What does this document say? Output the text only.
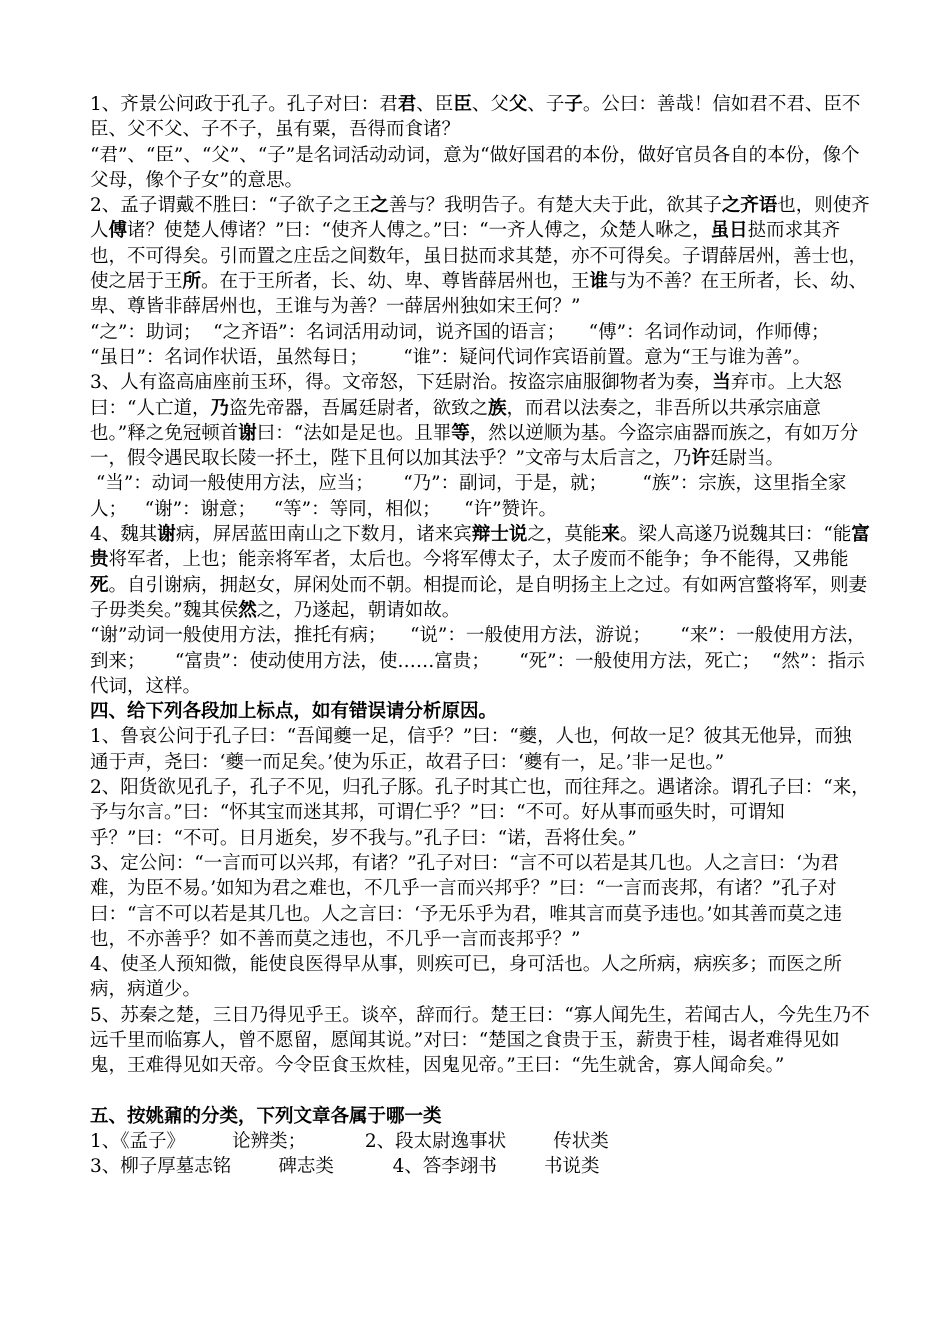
1、齐景公问政于孔子。孔子对曰：君君、臣臣、父父、子子。公曰：善哉！信如君不君、臣不臣、父不父、子不子，虽有粟，吾得而食诸？

“君”、“臣”、“父”、“子”是名词活动动词，意为“做好国君的本份，做好官员各自的本份，像个父母，像个子女”的意思。

2、孟子谓戴不胜曰：“子欲子之王之善与？我明告子。有楚大夫于此，欲其子之齐语也，则使齐人傅诸？使楚人傅诸？”曰：“使齐人傅之。”曰：“一齐人傅之，众楚人咻之，虽日挞而求其齐也，不可得矣。引而置之庄岳之间数年，虽日挞而求其楚，亦不可得矣。子谓薛居州，善士也，使之居于王所。在于王所者，长、幼、卑、尊皆薛居州也，王谁与为不善？在王所者，长、幼、卑、尊皆非薛居州也，王谁与为善？一薛居州独如宋王何？”

“之”：助词；  “之齐语”：名词活用动词，说齐国的语言；    “傅”：名词作动词，作师傅；     “虽日”：名词作状语，虽然每日；      “谁”：疑问代词作宾语前置。意为“王与谁为善”。

3、人有盗高庙座前玉环，得。文帝怒，下廷尉治。按盗宗庙服御物者为奏，当弃市。上大怒曰：“人亡道，乃盗先帝器，吾属廷尉者，欲致之族，而君以法奏之，非吾所以共承宗庙意也。”释之免冠顿首谢曰：“法如是足也。且罪等，然以逆顺为基。今盗宗庙器而族之，有如万分一，假令遇民取长陵一抔土，陛下且何以加其法乎？”文帝与太后言之，乃许廷尉当。

“当”：动词一般使用方法，应当；     “乃”：副词，于是，就；      “族”：宗族，这里指全家人；   “谢”：谢意；   “等”：等同，相似；    “许”赞许。

4、魏其谢病，屏居蓝田南山之下数月，诸来宾辩士说之，莫能来。梁人高遂乃说魏其曰：“能富贵将军者，上也；能亲将军者，太后也。今将军傅太子，太子废而不能争；争不能得，又弗能死。自引谢病，拥赵女，屏闲处而不朝。相提而论，是自明扬主上之过。有如两宫螫将军，则妻子毋类矣。”魏其侯然之，乃遂起，朝请如故。

“谢”动词一般使用方法，推托有病；    “说”：一般使用方法，游说；     “来”：一般使用方法，到来；     “富贵”：使动使用方法，使……富贵；     “死”：一般使用方法，死亡；  “然”：指示代词，这样。

四、给下列各段加上标点，如有错误请分析原因。

1、鲁哀公问于孔子曰：“吾闻夔一足，信乎？”曰：“夔，人也，何故一足？彼其无他异，而独通于声，尧曰：‘夔一而足矣。’使为乐正，故君子曰：‘夔有一，足。’非一足也。”

2、阳货欲见孔子，孔子不见，归孔子豚。孔子时其亡也，而往拜之。遇诸涂。谓孔子曰：“来，予与尔言。”曰：“怀其宝而迷其邦，可谓仁乎？”曰：“不可。好从事而亟失时，可谓知乎？”曰：“不可。日月逝矣，岁不我与。”孔子曰：“诺，吾将仕矣。”

3、定公问：“一言而可以兴邦，有诸？”孔子对曰：“言不可以若是其几也。人之言曰：‘为君难，为臣不易。’如知为君之难也，不几乎一言而兴邦乎？”曰：“一言而丧邦，有诸？”孔子对曰：“言不可以若是其几也。人之言曰：‘予无乐乎为君，唯其言而莫予违也。’如其善而莫之违也，不亦善乎？如不善而莫之违也，不几乎一言而丧邦乎？”

4、使圣人预知微，能使良医得早从事，则疾可已，身可活也。人之所病，病疾多；而医之所病，病道少。

5、苏秦之楚，三日乃得见乎王。谈卒，辞而行。楚王曰：“寡人闻先生，若闻古人，今先生乃不远千里而临寡人，曾不愿留，愿闻其说。”对曰：“楚国之食贵于玉，薪贵于桂，谒者难得见如鬼，王难得见如天帝。今令臣食玉炊桂，因鬼见帝。”王曰：“先生就舍，寡人闻命矣。”

五、按姚鼐的分类，下列文章各属于哪一类

1、《孟子》	论辨类；	2、段太尉逸事状	传状类

3、柳子厚墓志铭	碑志类	4、答李翊书	书说类
